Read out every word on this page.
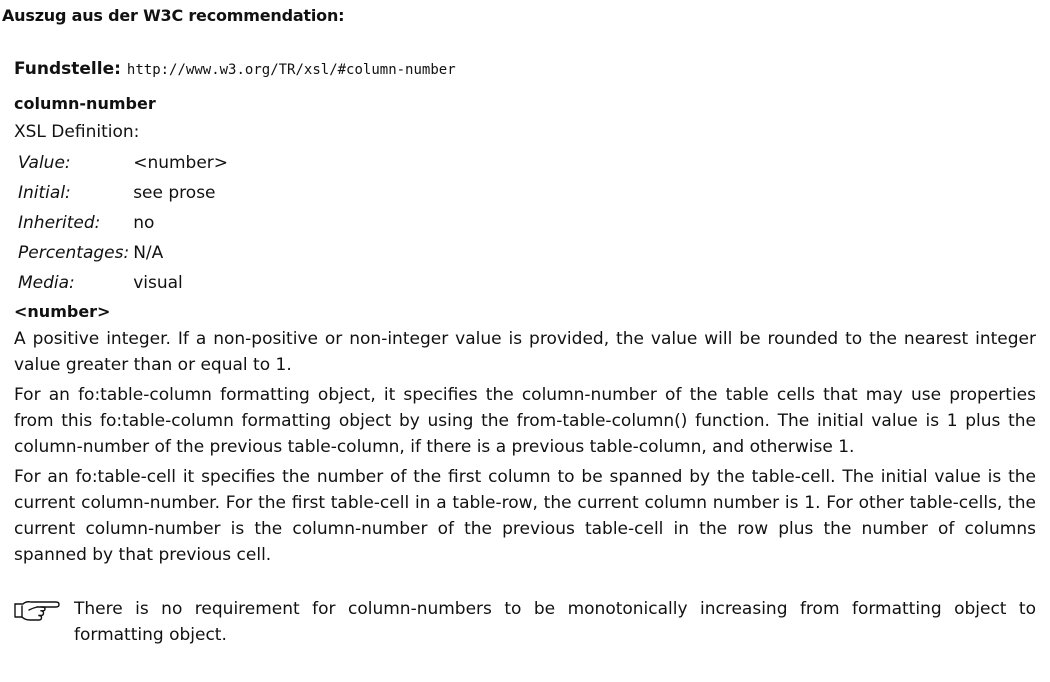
Auszug aus der W3C recommendation:
Fundstelle: http://www.w3.org/TR/xsl/#column-number
column-number
XSL Definition:
Value:	<number>
Initial:	see prose
Inherited:	no
Percentages:	N/A
Media:	visual
<number>
A positive integer. If a non-positive or non-integer value is provided, the value will be rounded to the nearest integer value greater than or equal to 1.
For an fo:table-column formatting object, it specifies the column-number of the table cells that may use properties from this fo:table-column formatting object by using the from-table-column() function. The initial value is 1 plus the column-number of the previous table-column, if there is a previous table-column, and otherwise 1.
For an fo:table-cell it specifies the number of the first column to be spanned by the table-cell. The initial value is the current column-number. For the first table-cell in a table-row, the current column number is 1. For other table-cells, the current column-number is the column-number of the previous table-cell in the row plus the number of columns spanned by that previous cell.
There is no requirement for column-numbers to be monotonically increasing from formatting object to formatting object.
